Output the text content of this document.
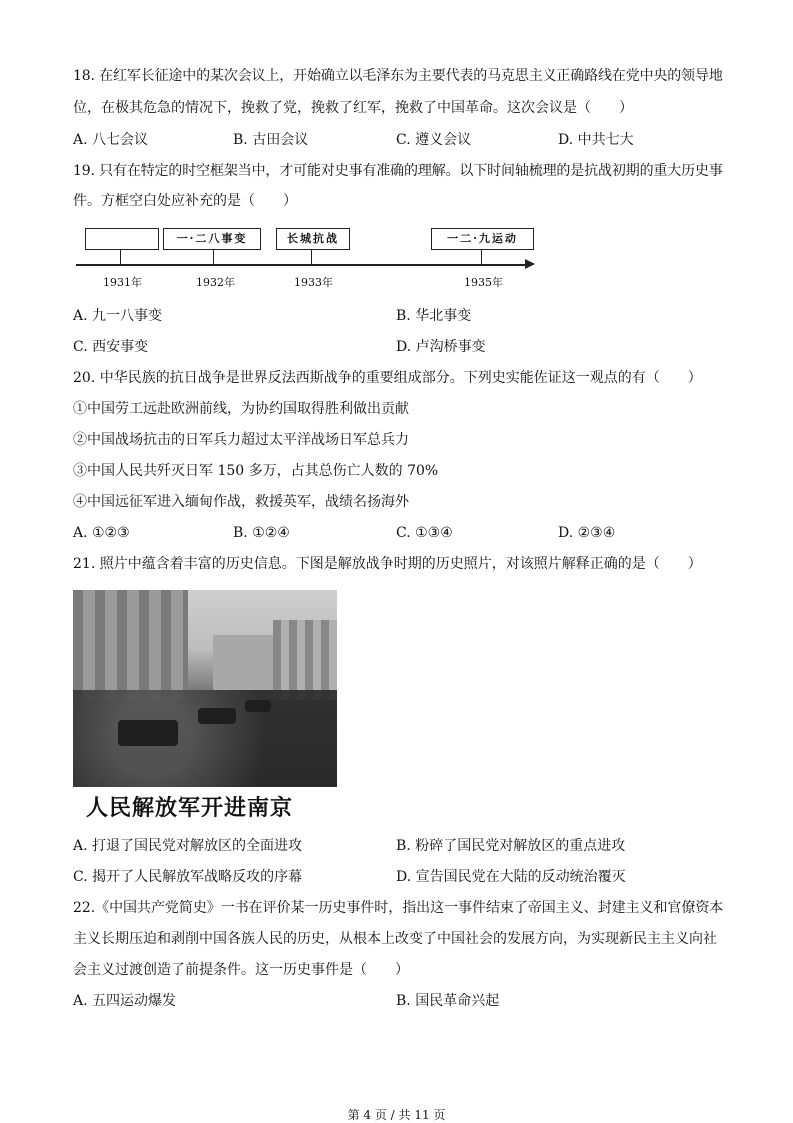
18. 在红军长征途中的某次会议上，开始确立以毛泽东为主要代表的马克思主义正确路线在党中央的领导地
位，在极其危急的情况下，挽救了党，挽救了红军，挽救了中国革命。这次会议是（　　）
A. 八七会议	B. 古田会议	C. 遵义会议	D. 中共七大
19. 只有在特定的时空框架当中，才可能对史事有准确的理解。以下时间轴梳理的是抗战初期的重大历史事
件。方框空白处应补充的是（　　）
一·二八事变	长城抗战	一二·九运动
1931年	1932年	1933年	1935年
A. 九一八事变	B. 华北事变
C. 西安事变	D. 卢沟桥事变
20. 中华民族的抗日战争是世界反法西斯战争的重要组成部分。下列史实能佐证这一观点的有（　　）
①中国劳工远赴欧洲前线，为协约国取得胜利做出贡献
②中国战场抗击的日军兵力超过太平洋战场日军总兵力
③中国人民共歼灭日军 150 多万，占其总伤亡人数的 70%
④中国远征军进入缅甸作战，救援英军，战绩名扬海外
A. ①②③	B. ①②④	C. ①③④	D. ②③④
21. 照片中蕴含着丰富的历史信息。下图是解放战争时期的历史照片，对该照片解释正确的是（　　）
人民解放军开进南京
A. 打退了国民党对解放区的全面进攻	B. 粉碎了国民党对解放区的重点进攻
C. 揭开了人民解放军战略反攻的序幕	D. 宣告国民党在大陆的反动统治覆灭
22.《中国共产党简史》一书在评价某一历史事件时，指出这一事件结束了帝国主义、封建主义和官僚资本
主义长期压迫和剥削中国各族人民的历史，从根本上改变了中国社会的发展方向，为实现新民主主义向社
会主义过渡创造了前提条件。这一历史事件是（　　）
A. 五四运动爆发	B. 国民革命兴起
第 4 页 / 共 11 页
